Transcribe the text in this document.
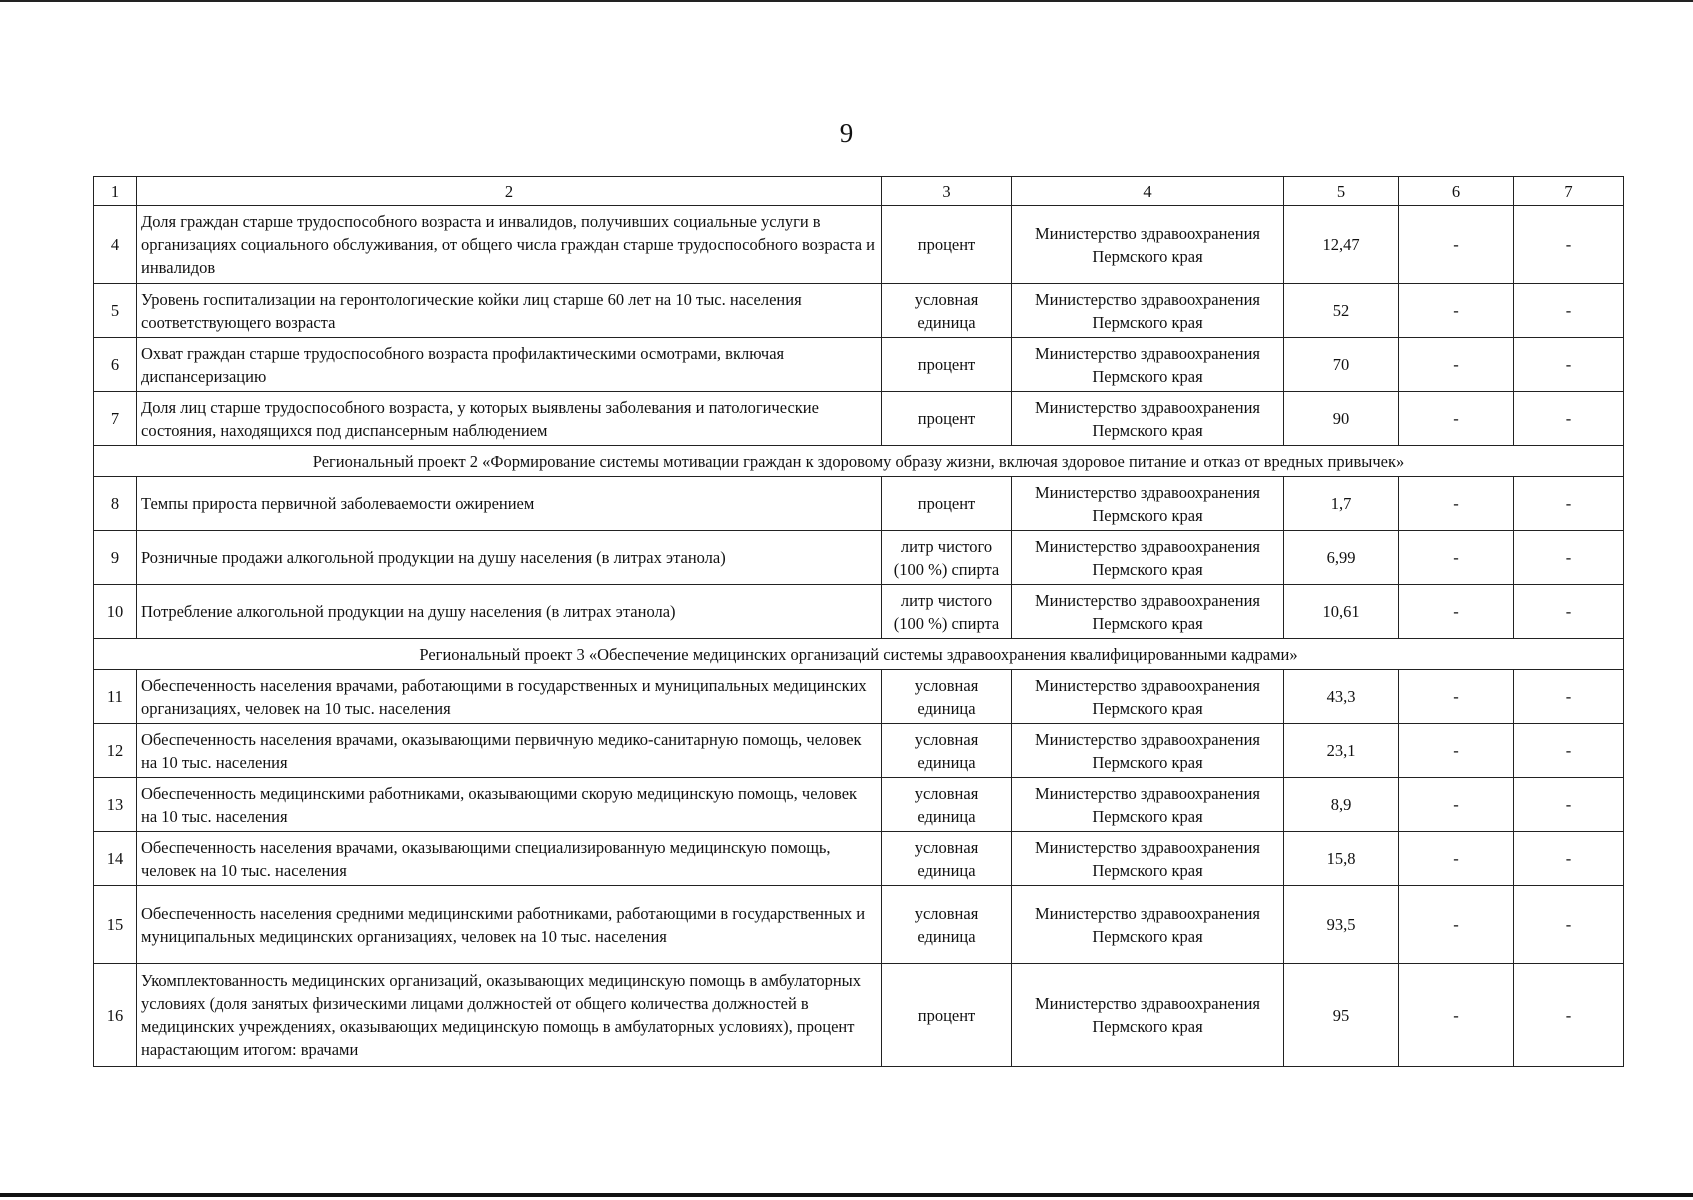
9
1	2	3	4	5	6	7
4	Доля граждан старше трудоспособного возраста и инвалидов, получивших социальные услуги в организациях социального обслуживания, от общего числа граждан старше трудоспособного возраста и инвалидов	процент	Министерство здравоохранения Пермского края	12,47	-	-
5	Уровень госпитализации на геронтологические койки лиц старше 60 лет на 10 тыс. населения соответствующего возраста	условная единица	Министерство здравоохранения Пермского края	52	-	-
6	Охват граждан старше трудоспособного возраста профилактическими осмотрами, включая диспансеризацию	процент	Министерство здравоохранения Пермского края	70	-	-
7	Доля лиц старше трудоспособного возраста, у которых выявлены заболевания и патологические состояния, находящихся под диспансерным наблюдением	процент	Министерство здравоохранения Пермского края	90	-	-
Региональный проект 2 «Формирование системы мотивации граждан к здоровому образу жизни, включая здоровое питание и отказ от вредных привычек»						
8	Темпы прироста первичной заболеваемости ожирением	процент	Министерство здравоохранения Пермского края	1,7	-	-
9	Розничные продажи алкогольной продукции на душу населения (в литрах этанола)	литр чистого (100 %) спирта	Министерство здравоохранения Пермского края	6,99	-	-
10	Потребление алкогольной продукции на душу населения (в литрах этанола)	литр чистого (100 %) спирта	Министерство здравоохранения Пермского края	10,61	-	-
Региональный проект 3 «Обеспечение медицинских организаций системы здравоохранения квалифицированными кадрами»						
11	Обеспеченность населения врачами, работающими в государственных и муниципальных медицинских организациях, человек на 10 тыс. населения	условная единица	Министерство здравоохранения Пермского края	43,3	-	-
12	Обеспеченность населения врачами, оказывающими первичную медико-санитарную помощь, человек на 10 тыс. населения	условная единица	Министерство здравоохранения Пермского края	23,1	-	-
13	Обеспеченность медицинскими работниками, оказывающими скорую медицинскую помощь, человек на 10 тыс. населения	условная единица	Министерство здравоохранения Пермского края	8,9	-	-
14	Обеспеченность населения врачами, оказывающими специализированную медицинскую помощь, человек на 10 тыс. населения	условная единица	Министерство здравоохранения Пермского края	15,8	-	-
15	Обеспеченность населения средними медицинскими работниками, работающими в государственных и муниципальных медицинских организациях, человек на 10 тыс. населения	условная единица	Министерство здравоохранения Пермского края	93,5	-	-
16	Укомплектованность медицинских организаций, оказывающих медицинскую помощь в амбулаторных условиях (доля занятых физическими лицами должностей от общего количества должностей в медицинских учреждениях, оказывающих медицинскую помощь в амбулаторных условиях), процент нарастающим итогом: врачами	процент	Министерство здравоохранения Пермского края	95	-	-
